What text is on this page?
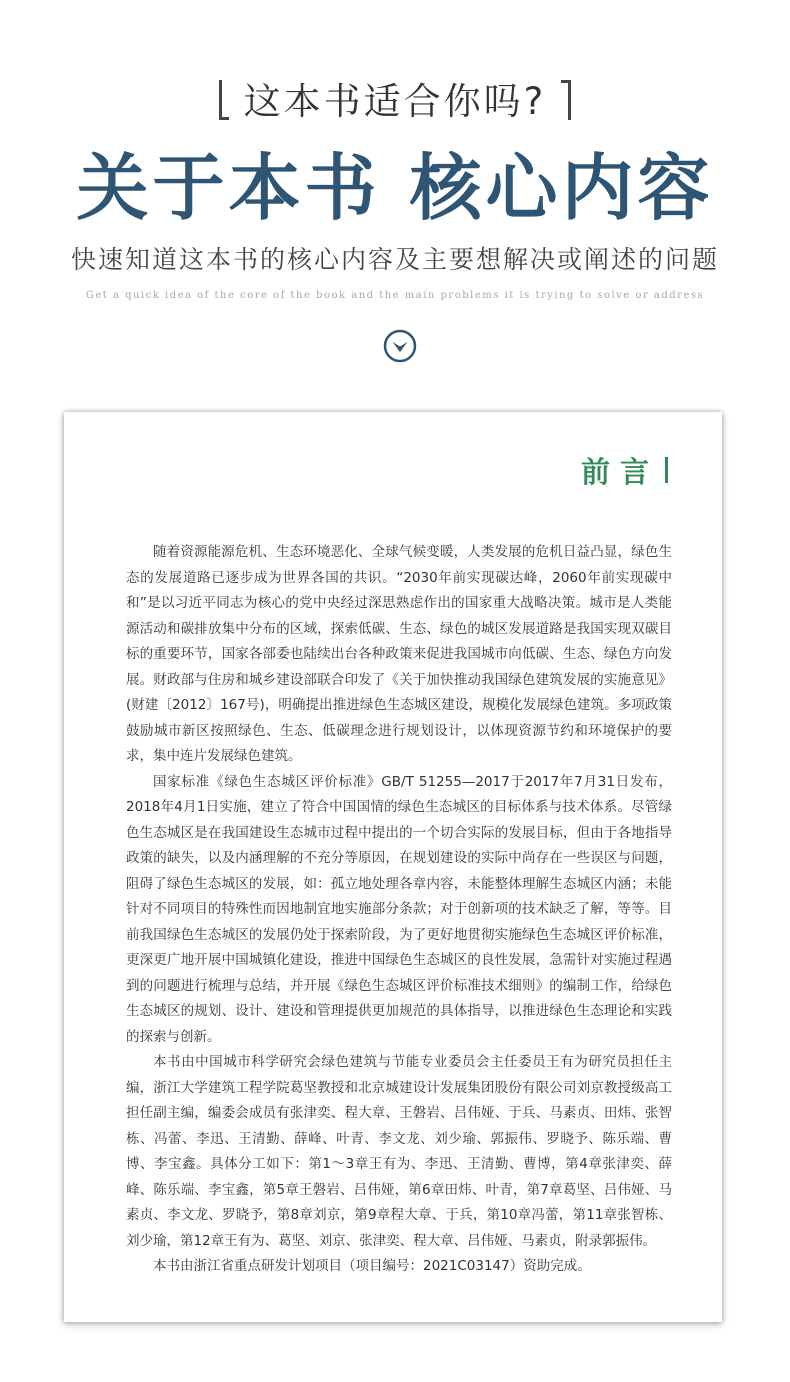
这本书适合你吗?
关于本书 核心内容
快速知道这本书的核心内容及主要想解决或阐述的问题
Get a quick idea of the core of the book and the main problems it is trying to solve or address
前言

随着资源能源危机、生态环境恶化、全球气候变暖，人类发展的危机日益凸显，绿色生态的发展道路已逐步成为世界各国的共识。“2030年前实现碳达峰，2060年前实现碳中和”是以习近平同志为核心的党中央经过深思熟虑作出的国家重大战略决策。城市是人类能源活动和碳排放集中分布的区域，探索低碳、生态、绿色的城区发展道路是我国实现双碳目标的重要环节，国家各部委也陆续出台各种政策来促进我国城市向低碳、生态、绿色方向发展。财政部与住房和城乡建设部联合印发了《关于加快推动我国绿色建筑发展的实施意见》(财建〔2012〕167号)，明确提出推进绿色生态城区建设，规模化发展绿色建筑。多项政策鼓励城市新区按照绿色、生态、低碳理念进行规划设计，以体现资源节约和环境保护的要求，集中连片发展绿色建筑。

国家标准《绿色生态城区评价标准》GB/T 51255—2017于2017年7月31日发布，2018年4月1日实施，建立了符合中国国情的绿色生态城区的目标体系与技术体系。尽管绿色生态城区是在我国建设生态城市过程中提出的一个切合实际的发展目标，但由于各地指导政策的缺失，以及内涵理解的不充分等原因，在规划建设的实际中尚存在一些误区与问题，阻碍了绿色生态城区的发展，如：孤立地处理各章内容，未能整体理解生态城区内涵；未能针对不同项目的特殊性而因地制宜地实施部分条款；对于创新项的技术缺乏了解，等等。目前我国绿色生态城区的发展仍处于探索阶段，为了更好地贯彻实施绿色生态城区评价标准，更深更广地开展中国城镇化建设，推进中国绿色生态城区的良性发展，急需针对实施过程遇到的问题进行梳理与总结，并开展《绿色生态城区评价标准技术细则》的编制工作，给绿色生态城区的规划、设计、建设和管理提供更加规范的具体指导，以推进绿色生态理论和实践的探索与创新。

本书由中国城市科学研究会绿色建筑与节能专业委员会主任委员王有为研究员担任主编，浙江大学建筑工程学院葛坚教授和北京城建设计发展集团股份有限公司刘京教授级高工担任副主编，编委会成员有张津奕、程大章、王磐岩、吕伟娅、于兵、马素贞、田炜、张智栋、冯蕾、李迅、王清勤、薛峰、叶青、李文龙、刘少瑜、郭振伟、罗晓予、陈乐端、曹博、李宝鑫。具体分工如下：第1～3章王有为、李迅、王清勤、曹博，第4章张津奕、薛峰、陈乐端、李宝鑫，第5章王磐岩、吕伟娅，第6章田炜、叶青，第7章葛坚、吕伟娅、马素贞、李文龙、罗晓予，第8章刘京，第9章程大章、于兵，第10章冯蕾，第11章张智栋、刘少瑜，第12章王有为、葛坚、刘京、张津奕、程大章、吕伟娅、马素贞，附录郭振伟。

本书由浙江省重点研发计划项目（项目编号：2021C03147）资助完成。
